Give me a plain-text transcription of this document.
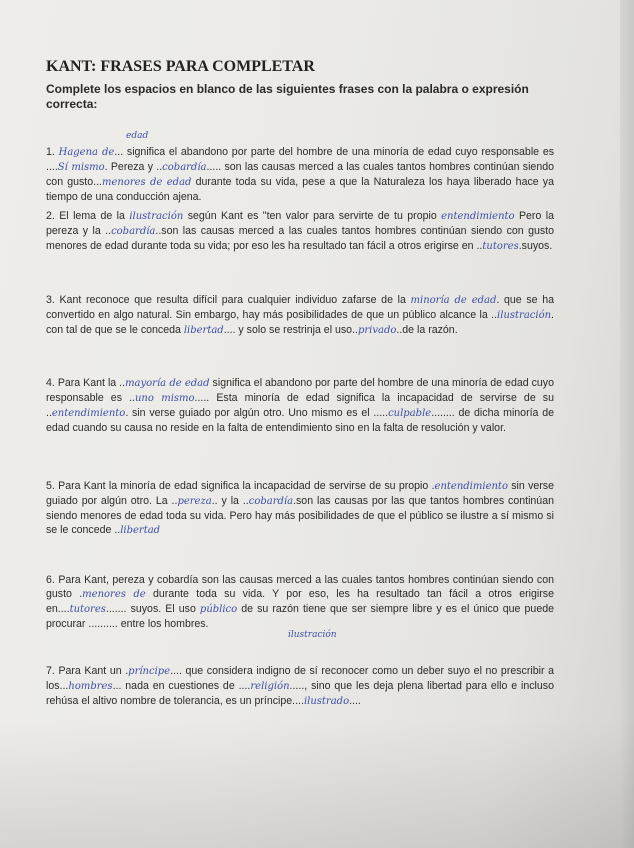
KANT: FRASES PARA COMPLETAR
Complete los espacios en blanco de las siguientes frases con la palabra o expresión correcta:
1. Hagena de... significa el abandono por parte del hombre de una minoría de edad cuyo responsable es ....Sí mismo. Pereza y ..cobardía..... son las causas merced a las cuales tantos hombres continúan siendo con gusto...menores de edad durante toda su vida, pese a que la Naturaleza los haya liberado hace ya tiempo de una conducción ajena.
edad
2. El lema de la ilustración según Kant es "ten valor para servirte de tu propio entendimiento Pero la pereza y la ..cobardía..son las causas merced a las cuales tantos hombres continúan siendo con gusto menores de edad durante toda su vida; por eso les ha resultado tan fácil a otros erigirse en ..tutores.suyos.
3. Kant reconoce que resulta difícil para cualquier individuo zafarse de la minoría de edad. que se ha convertido en algo natural. Sin embargo, hay más posibilidades de que un público alcance la ..ilustración. con tal de que se le conceda libertad.... y solo se restrinja el uso..privado..de la razón.
4. Para Kant la ..mayoría de edad significa el abandono por parte del hombre de una minoría de edad cuyo responsable es ..uno mismo..... Esta minoría de edad significa la incapacidad de servirse de su ..entendimiento. sin verse guiado por algún otro. Uno mismo es el .....culpable........ de dicha minoría de edad cuando su causa no reside en la falta de entendimiento sino en la falta de resolución y valor.
5. Para Kant la minoría de edad significa la incapacidad de servirse de su propio .entendimiento sin verse guiado por algún otro. La ..pereza.. y la ..cobardía.son las causas por las que tantos hombres continúan siendo menores de edad toda su vida. Pero hay más posibilidades de que el público se ilustre a sí mismo si se le concede ..libertad
6. Para Kant, pereza y cobardía son las causas merced a las cuales tantos hombres continúan siendo con gusto .menores de durante toda su vida. Y por eso, les ha resultado tan fácil a otros erigirse en....tutores....... suyos. El uso público de su razón tiene que ser siempre libre y es el único que puede procurar .......... entre los hombres.
ilustración
7. Para Kant un .príncipe.... que considera indigno de sí reconocer como un deber suyo el no prescribir a los...hombres... nada en cuestiones de ....religión....., sino que les deja plena libertad para ello e incluso rehúsa el altivo nombre de tolerancia, es un príncipe....ilustrado....
